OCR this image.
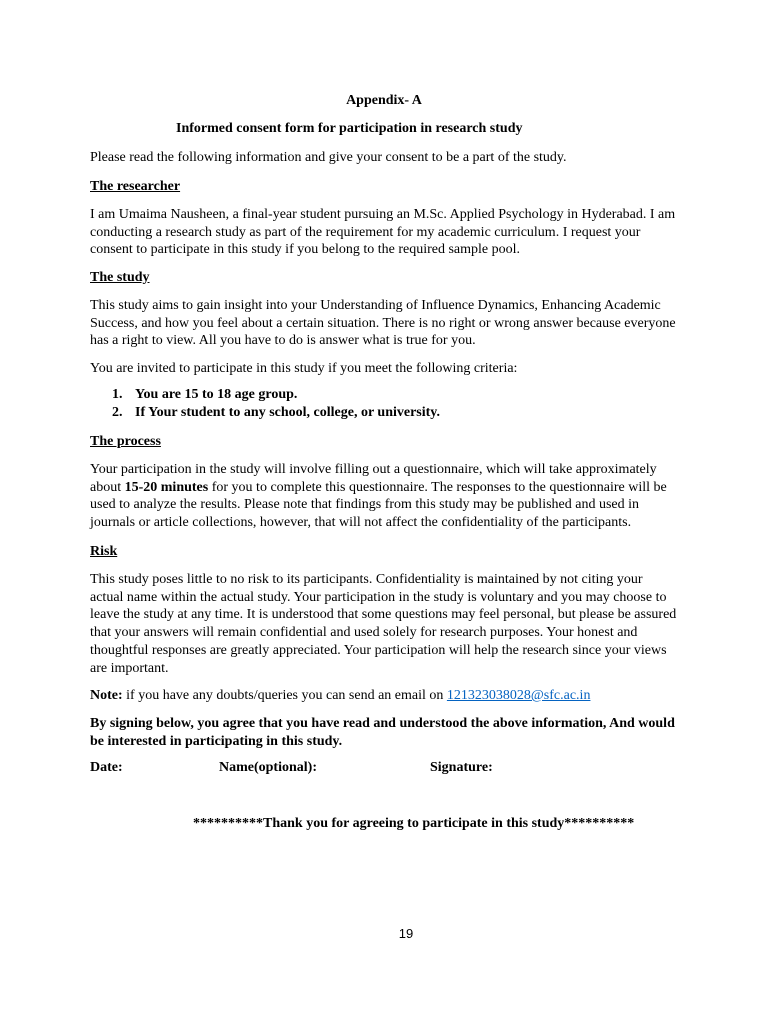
Appendix- A

Informed consent form for participation in research study

Please read the following information and give your consent to be a part of the study.

The researcher

I am Umaima Nausheen, a final-year student pursuing an M.Sc. Applied Psychology in Hyderabad. I am conducting a research study as part of the requirement for my academic curriculum. I request your consent to participate in this study if you belong to the required sample pool.

The study

This study aims to gain insight into your Understanding of Influence Dynamics, Enhancing Academic Success, and how you feel about a certain situation. There is no right or wrong answer because everyone has a right to view. All you have to do is answer what is true for you.

You are invited to participate in this study if you meet the following criteria:

1. You are 15 to 18 age group.
2. If Your student to any school, college, or university.

The process

Your participation in the study will involve filling out a questionnaire, which will take approximately about 15-20 minutes for you to complete this questionnaire. The responses to the questionnaire will be used to analyze the results. Please note that findings from this study may be published and used in journals or article collections, however, that will not affect the confidentiality of the participants.

Risk

This study poses little to no risk to its participants. Confidentiality is maintained by not citing your actual name within the actual study. Your participation in the study is voluntary and you may choose to leave the study at any time. It is understood that some questions may feel personal, but please be assured that your answers will remain confidential and used solely for research purposes. Your honest and thoughtful responses are greatly appreciated. Your participation will help the research since your views are important.

Note: if you have any doubts/queries you can send an email on 121323038028@sfc.ac.in

By signing below, you agree that you have read and understood the above information, And would be interested in participating in this study.

Date:	Name(optional):	Signature:
**********Thank you for agreeing to participate in this study**********
19
